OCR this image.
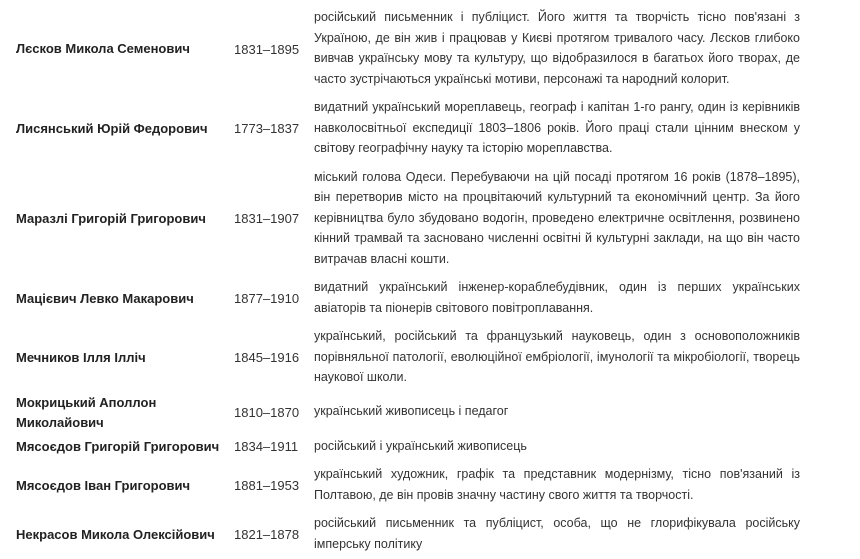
Лєсков Микола Семенович	1831–1895	російський письменник і публіцист. Його життя та творчість тісно пов'язані з Україною, де він жив і працював у Києві протягом тривалого часу. Лєсков глибоко вивчав українську мову та культуру, що відобразилося в багатьох його творах, де часто зустрічаються українські мотиви, персонажі та народний колорит.
Лисянський Юрій Федорович	1773–1837	видатний український мореплавець, географ і капітан 1-го рангу, один із керівників навколосвітньої експедиції 1803–1806 років. Його праці стали цінним внеском у світову географічну науку та історію мореплавства.
Маразлі Григорій Григорович	1831–1907	міський голова Одеси. Перебуваючи на цій посаді протягом 16 років (1878–1895), він перетворив місто на процвітаючий культурний та економічний центр. За його керівництва було збудовано водогін, проведено електричне освітлення, розвинено кінний трамвай та засновано численні освітні й культурні заклади, на що він часто витрачав власні кошти.
Мацієвич Левко Макарович	1877–1910	видатний український інженер-кораблебудівник, один із перших українських авіаторів та піонерів світового повітроплавання.
Мечников Ілля Ілліч	1845–1916	український, російський та французький науковець, один з основоположників порівняльної патології, еволюційної ембріології, імунології та мікробіології, творець наукової школи.
Мокрицький Аполлон Миколайович	1810–1870	український живописець і педагог
Мясоєдов Григорій Григорович	1834–1911	російський і український живописець
Мясоєдов Іван Григорович	1881–1953	український художник, графік та представник модернізму, тісно пов'язаний із Полтавою, де він провів значну частину свого життя та творчості.
Некрасов Микола Олексійович	1821–1878	російський письменник та публіцист, особа, що не глорифікувала російську імперську політику
